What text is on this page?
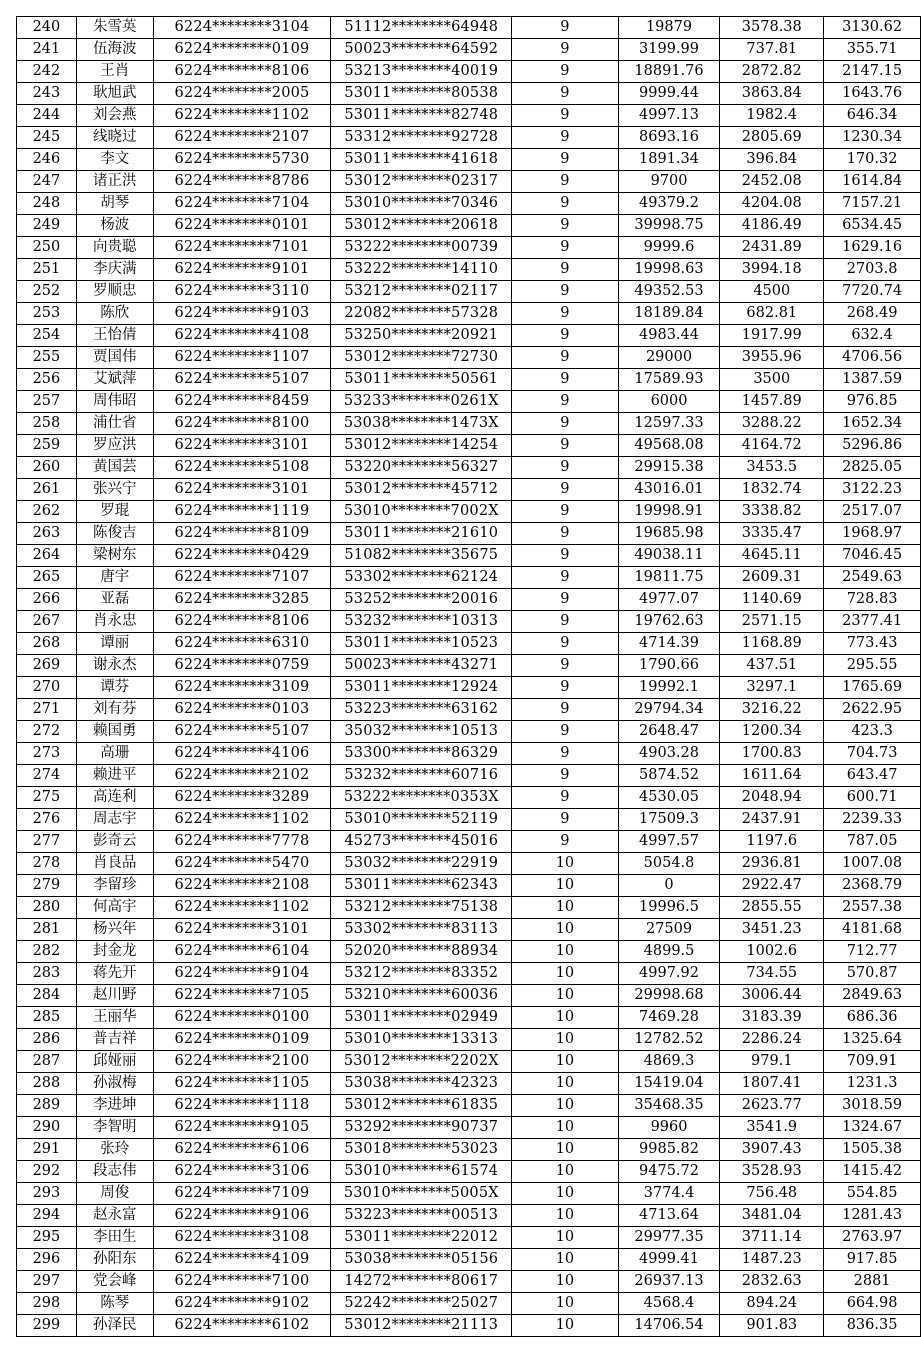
240	朱雪英	6224********3104	51112********64948	9	19879	3578.38	3130.62
241	伍海波	6224********0109	50023********64592	9	3199.99	737.81	355.71
242	王肖	6224********8106	53213********40019	9	18891.76	2872.82	2147.15
243	耿旭武	6224********2005	53011********80538	9	9999.44	3863.84	1643.76
244	刘会燕	6224********1102	53011********82748	9	4997.13	1982.4	646.34
245	线晓过	6224********2107	53312********92728	9	8693.16	2805.69	1230.34
246	李文	6224********5730	53011********41618	9	1891.34	396.84	170.32
247	诸正洪	6224********8786	53012********02317	9	9700	2452.08	1614.84
248	胡琴	6224********7104	53010********70346	9	49379.2	4204.08	7157.21
249	杨波	6224********0101	53012********20618	9	39998.75	4186.49	6534.45
250	向贵聪	6224********7101	53222********00739	9	9999.6	2431.89	1629.16
251	李庆满	6224********9101	53222********14110	9	19998.63	3994.18	2703.8
252	罗顺忠	6224********3110	53212********02117	9	49352.53	4500	7720.74
253	陈欣	6224********9103	22082********57328	9	18189.84	682.81	268.49
254	王怡倩	6224********4108	53250********20921	9	4983.44	1917.99	632.4
255	贾国伟	6224********1107	53012********72730	9	29000	3955.96	4706.56
256	艾斌萍	6224********5107	53011********50561	9	17589.93	3500	1387.59
257	周伟昭	6224********8459	53233********0261X	9	6000	1457.89	976.85
258	浦仕省	6224********8100	53038********1473X	9	12597.33	3288.22	1652.34
259	罗应洪	6224********3101	53012********14254	9	49568.08	4164.72	5296.86
260	黄国芸	6224********5108	53220********56327	9	29915.38	3453.5	2825.05
261	张兴宁	6224********3101	53012********45712	9	43016.01	1832.74	3122.23
262	罗琨	6224********1119	53010********7002X	9	19998.91	3338.82	2517.07
263	陈俊吉	6224********8109	53011********21610	9	19685.98	3335.47	1968.97
264	梁树东	6224********0429	51082********35675	9	49038.11	4645.11	7046.45
265	唐宇	6224********7107	53302********62124	9	19811.75	2609.31	2549.63
266	亚磊	6224********3285	53252********20016	9	4977.07	1140.69	728.83
267	肖永忠	6224********8106	53232********10313	9	19762.63	2571.15	2377.41
268	谭丽	6224********6310	53011********10523	9	4714.39	1168.89	773.43
269	谢永杰	6224********0759	50023********43271	9	1790.66	437.51	295.55
270	谭芬	6224********3109	53011********12924	9	19992.1	3297.1	1765.69
271	刘有芬	6224********0103	53223********63162	9	29794.34	3216.22	2622.95
272	赖国勇	6224********5107	35032********10513	9	2648.47	1200.34	423.3
273	高珊	6224********4106	53300********86329	9	4903.28	1700.83	704.73
274	赖进平	6224********2102	53232********60716	9	5874.52	1611.64	643.47
275	高连利	6224********3289	53222********0353X	9	4530.05	2048.94	600.71
276	周志宇	6224********1102	53010********52119	9	17509.3	2437.91	2239.33
277	彭奇云	6224********7778	45273********45016	9	4997.57	1197.6	787.05
278	肖良品	6224********5470	53032********22919	10	5054.8	2936.81	1007.08
279	李留珍	6224********2108	53011********62343	10	0	2922.47	2368.79
280	何高宇	6224********1102	53212********75138	10	19996.5	2855.55	2557.38
281	杨兴年	6224********3101	53302********83113	10	27509	3451.23	4181.68
282	封金龙	6224********6104	52020********88934	10	4899.5	1002.6	712.77
283	蒋先开	6224********9104	53212********83352	10	4997.92	734.55	570.87
284	赵川野	6224********7105	53210********60036	10	29998.68	3006.44	2849.63
285	王丽华	6224********0100	53011********02949	10	7469.28	3183.39	686.36
286	普吉祥	6224********0109	53010********13313	10	12782.52	2286.24	1325.64
287	邱娅丽	6224********2100	53012********2202X	10	4869.3	979.1	709.91
288	孙淑梅	6224********1105	53038********42323	10	15419.04	1807.41	1231.3
289	李进坤	6224********1118	53012********61835	10	35468.35	2623.77	3018.59
290	李智明	6224********9105	53292********90737	10	9960	3541.9	1324.67
291	张玲	6224********6106	53018********53023	10	9985.82	3907.43	1505.38
292	段志伟	6224********3106	53010********61574	10	9475.72	3528.93	1415.42
293	周俊	6224********7109	53010********5005X	10	3774.4	756.48	554.85
294	赵永富	6224********9106	53223********00513	10	4713.64	3481.04	1281.43
295	李田生	6224********3108	53011********22012	10	29977.35	3711.14	2763.97
296	孙阳东	6224********4109	53038********05156	10	4999.41	1487.23	917.85
297	党会峰	6224********7100	14272********80617	10	26937.13	2832.63	2881
298	陈琴	6224********9102	52242********25027	10	4568.4	894.24	664.98
299	孙泽民	6224********6102	53012********21113	10	14706.54	901.83	836.35
